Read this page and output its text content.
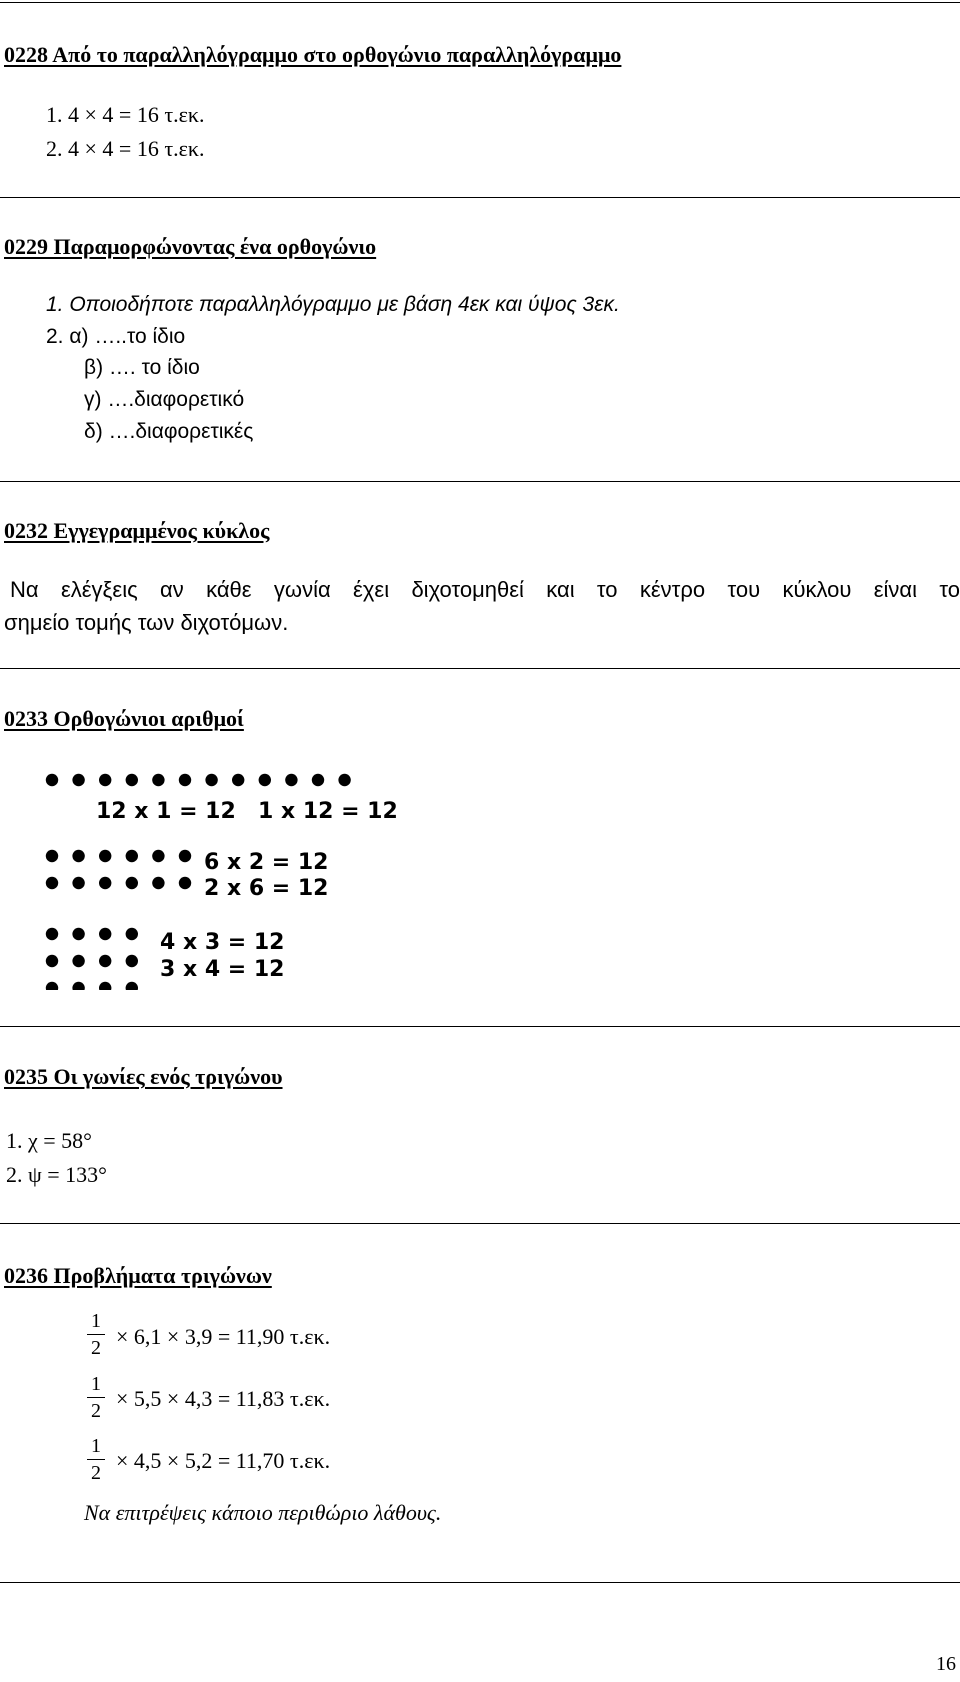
0228 Από το παραλληλόγραμμο στο ορθογώνιο παραλληλόγραμμο
1. 4 × 4 = 16 τ.εκ.
2. 4 × 4 = 16 τ.εκ.
0229 Παραμορφώνοντας ένα ορθογώνιο
1. Οποιοδήποτε παραλληλόγραμμο με βάση 4εκ και ύψος 3εκ.
2. α) …..το ίδιο
β) …. το ίδιο
γ) ….διαφορετικό
δ) ….διαφορετικές
0232 Εγγεγραμμένος κύκλος
Να ελέγξεις αν κάθε γωνία έχει διχοτομηθεί και το κέντρο του κύκλου είναι το
σημείο τομής των διχοτόμων.
0233 Ορθογώνιοι αριθμοί
12 x 1 = 12 1 x 12 = 12
6 x 2 = 12
2 x 6 = 12
4 x 3 = 12
3 x 4 = 12
0235 Οι γωνίες ενός τριγώνου
1. χ = 58°
2. ψ = 133°
0236 Προβλήματα τριγώνων
1
2 × 6,1 × 3,9 = 11,90 τ.εκ.
1
2 × 5,5 × 4,3 = 11,83 τ.εκ.
1
2 × 4,5 × 5,2 = 11,70 τ.εκ.
Να επιτρέψεις κάποιο περιθώριο λάθους.
16
